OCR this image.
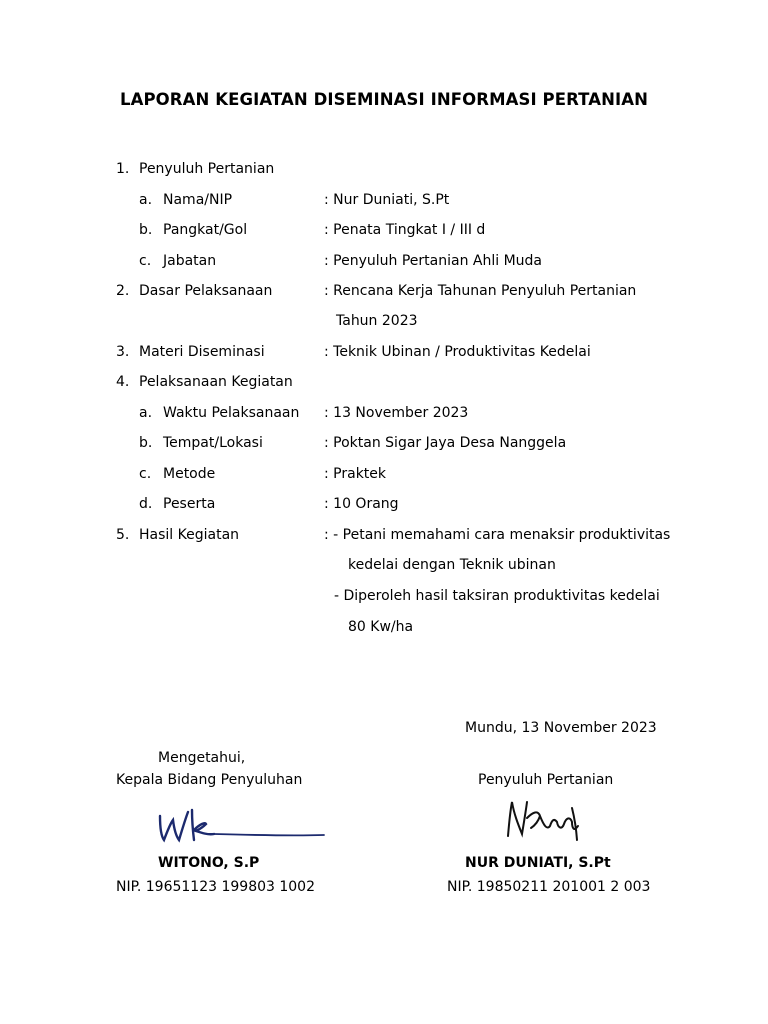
LAPORAN KEGIATAN DISEMINASI INFORMASI PERTANIAN
1. Penyuluh Pertanian
a. Nama/NIP	: Nur Duniati, S.Pt
b. Pangkat/Gol	: Penata Tingkat I / III d
c. Jabatan	: Penyuluh Pertanian Ahli Muda
2. Dasar Pelaksanaan	: Rencana Kerja Tahunan Penyuluh Pertanian
Tahun 2023
3. Materi Diseminasi	: Teknik Ubinan / Produktivitas Kedelai
4. Pelaksanaan Kegiatan
a. Waktu Pelaksanaan : 13 November 2023
b. Tempat/Lokasi	: Poktan Sigar Jaya Desa Nanggela
c. Metode	: Praktek
d. Peserta	: 10 Orang
5. Hasil Kegiatan	: - Petani memahami cara menaksir produktivitas
kedelai dengan Teknik ubinan
- Diperoleh hasil taksiran produktivitas kedelai
80 Kw/ha
Mundu, 13 November 2023
Mengetahui,
Kepala Bidang Penyuluhan
WITONO, S.P
NIP. 19651123 199803 1002
Penyuluh Pertanian
NUR DUNIATI, S.Pt
NIP. 19850211 201001 2 003
